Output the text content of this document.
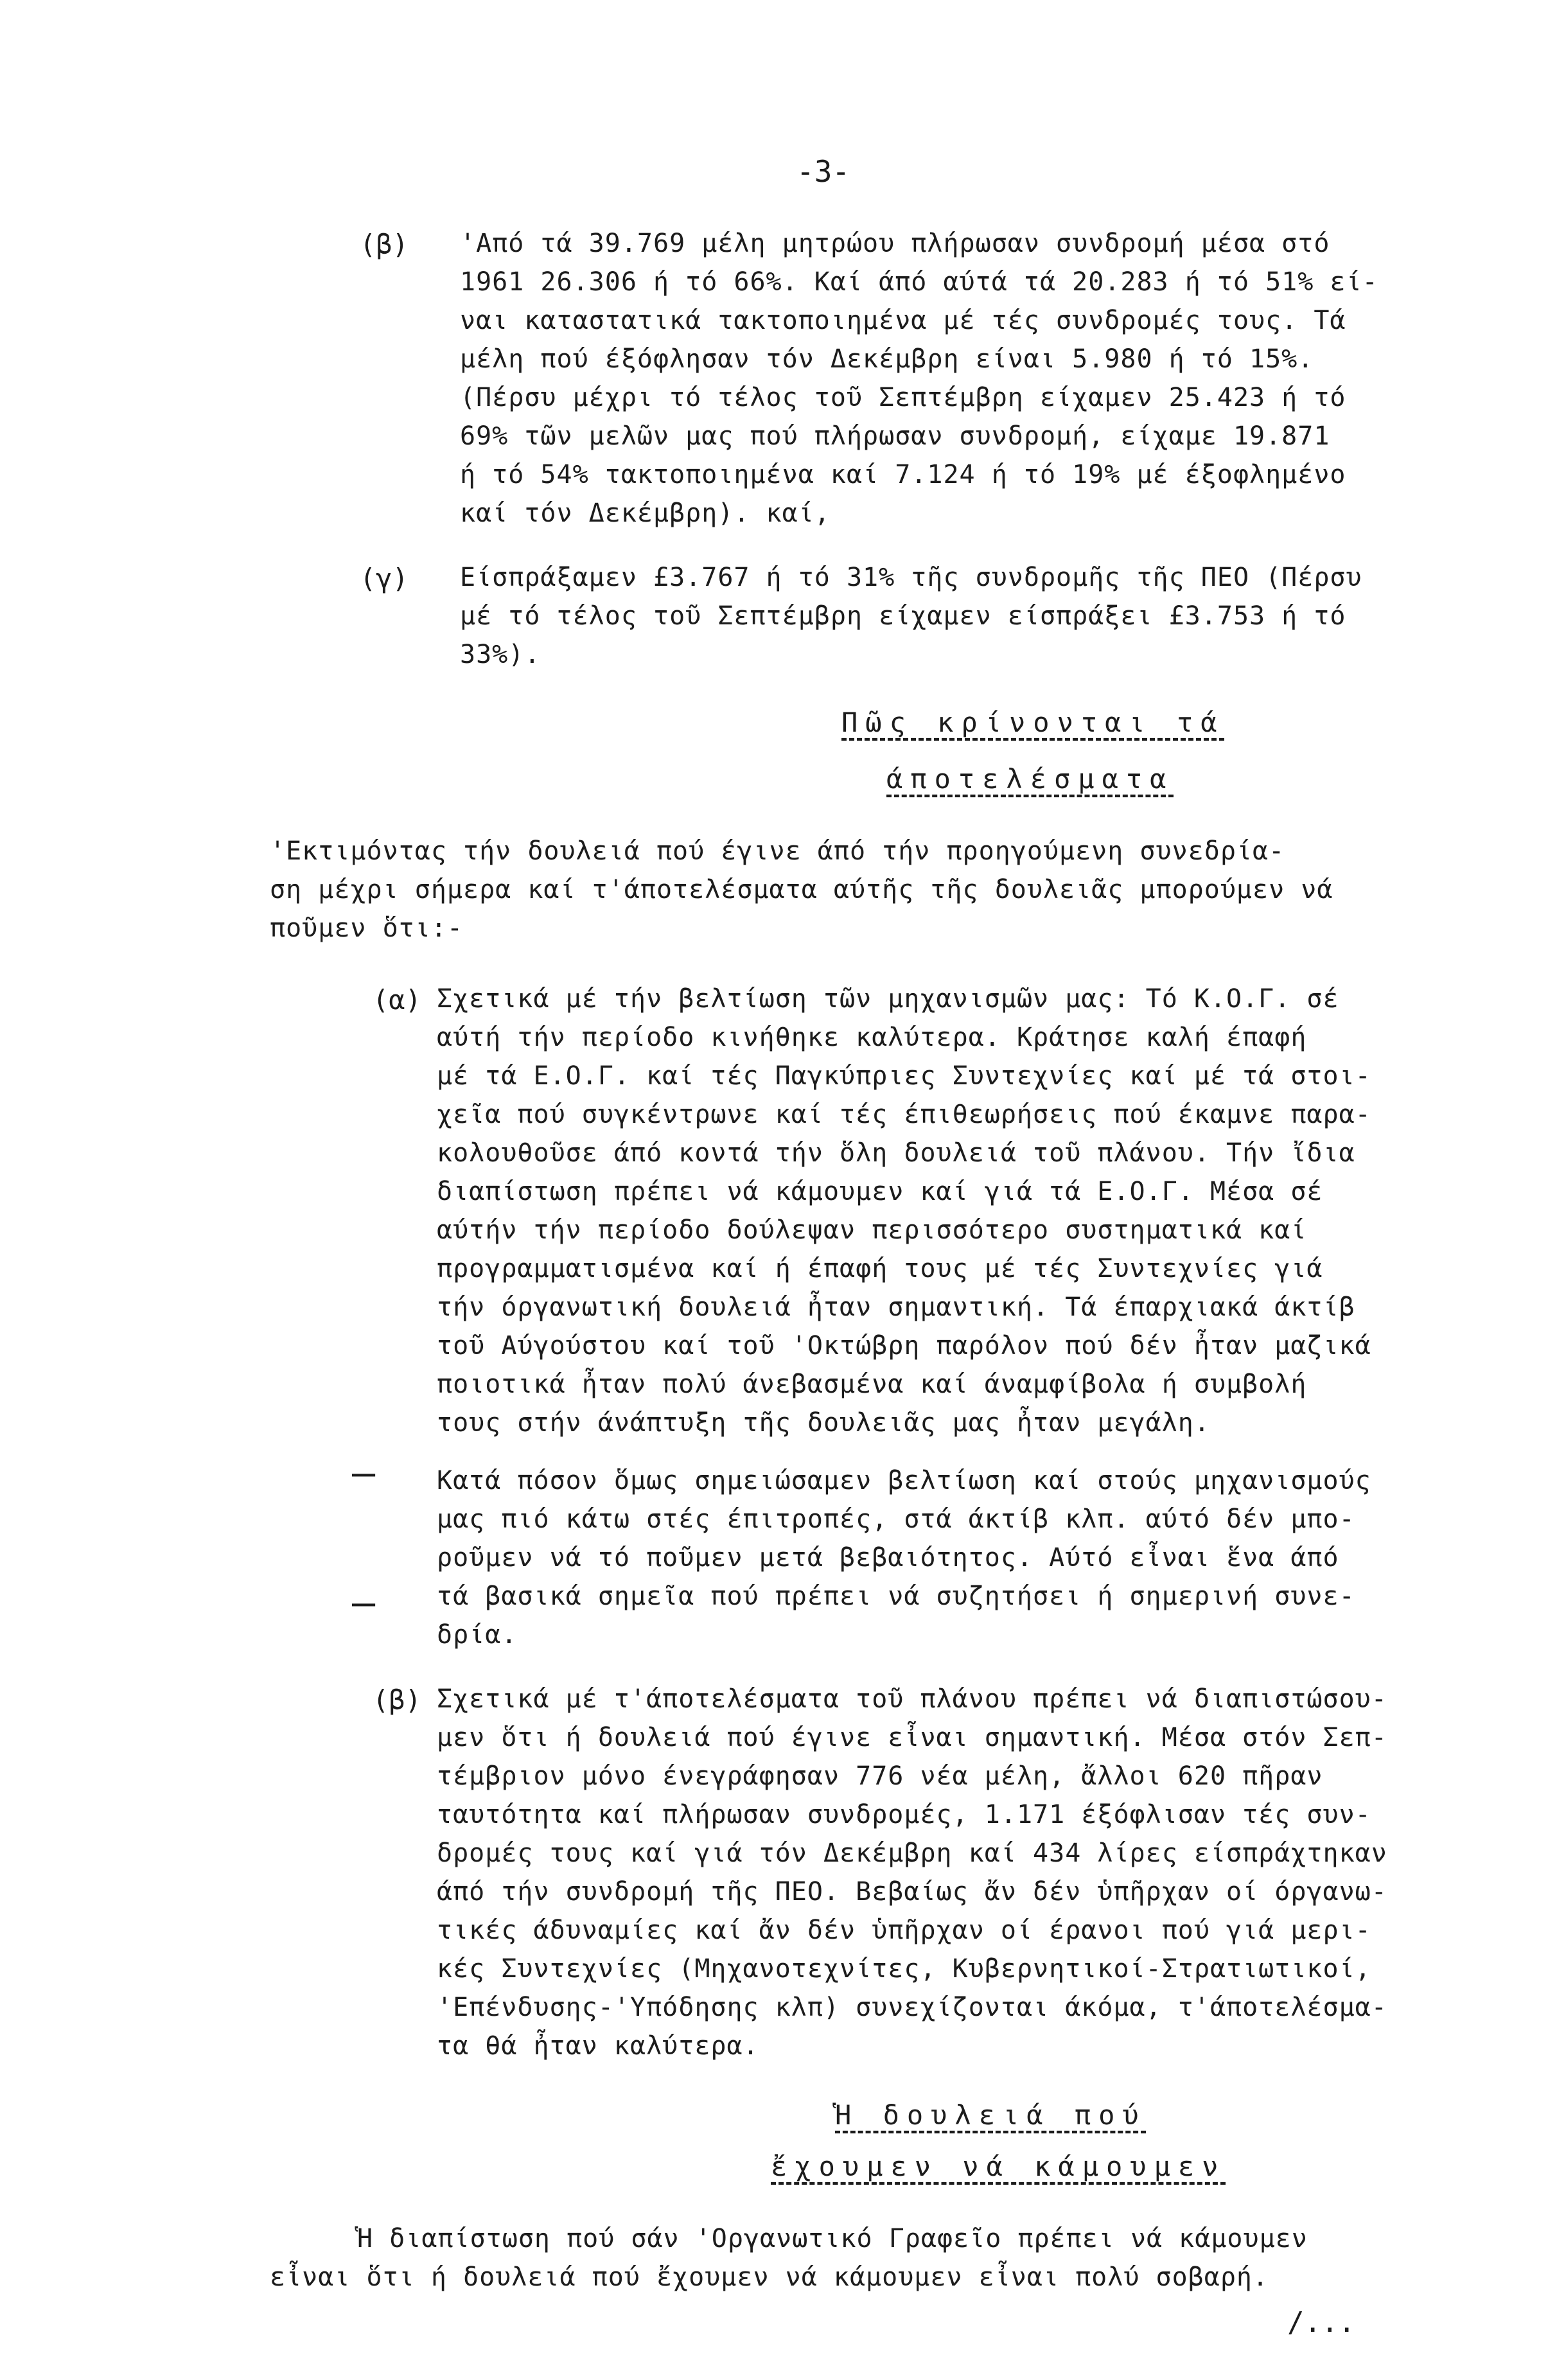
-3-
(β) 'Από τά 39.769 μέλη μητρώου πλήρωσαν συνδρομή μέσα στό
1961 26.306 ή τό 66%. Καί άπό αύτά τά 20.283 ή τό 51% εί-
ναι καταστατικά τακτοποιημένα μέ τές συνδρομές τους. Τά
μέλη πού έξόφλησαν τόν Δεκέμβρη είναι 5.980 ή τό 15%.
(Πέρσυ μέχρι τό τέλος τοῦ Σεπτέμβρη είχαμεν 25.423 ή τό
69% τῶν μελῶν μας πού πλήρωσαν συνδρομή, είχαμε 19.871
ή τό 54% τακτοποιημένα καί 7.124 ή τό 19% μέ έξοφλημένο
καί τόν Δεκέμβρη). καί,
(γ) Είσπράξαμεν £3.767 ή τό 31% τῆς συνδρομῆς τῆς ΠΕΟ (Πέρσυ
μέ τό τέλος τοῦ Σεπτέμβρη είχαμεν είσπράξει £3.753 ή τό
33%).
Πῶς κρίνονται τά
άποτελέσματα
'Εκτιμόντας τήν δουλειά πού έγινε άπό τήν προηγούμενη συνεδρία-
ση μέχρι σήμερα καί τ'άποτελέσματα αύτῆς τῆς δουλειᾶς μπορούμεν νά
ποῦμεν ὅτι:-
(α) Σχετικά μέ τήν βελτίωση τῶν μηχανισμῶν μας: Τό Κ.Ο.Γ. σέ
αύτή τήν περίοδο κινήθηκε καλύτερα. Κράτησε καλή έπαφή
μέ τά Ε.Ο.Γ. καί τές Παγκύπριες Συντεχνίες καί μέ τά στοι-
χεῖα πού συγκέντρωνε καί τές έπιθεωρήσεις πού έκαμνε παρα-
κολουθοῦσε άπό κοντά τήν ὅλη δουλειά τοῦ πλάνου. Τήν ἴδια
διαπίστωση πρέπει νά κάμουμεν καί γιά τά Ε.Ο.Γ. Μέσα σέ
αύτήν τήν περίοδο δούλεψαν περισσότερο συστηματικά καί
προγραμματισμένα καί ή έπαφή τους μέ τές Συντεχνίες γιά
τήν όργανωτική δουλειά ἦταν σημαντική. Τά έπαρχιακά άκτίβ
τοῦ Αύγούστου καί τοῦ 'Οκτώβρη παρόλον πού δέν ἦταν μαζικά
ποιοτικά ἦταν πολύ άνεβασμένα καί άναμφίβολα ή συμβολή
τους στήν άνάπτυξη τῆς δουλειᾶς μας ἦταν μεγάλη.
—
—
Κατά πόσον ὅμως σημειώσαμεν βελτίωση καί στούς μηχανισμούς
μας πιό κάτω στές έπιτροπές, στά άκτίβ κλπ. αύτό δέν μπο-
ροῦμεν νά τό ποῦμεν μετά βεβαιότητος. Αύτό εἶναι ἕνα άπό
τά βασικά σημεῖα πού πρέπει νά συζητήσει ή σημερινή συνε-
δρία.
(β) Σχετικά μέ τ'άποτελέσματα τοῦ πλάνου πρέπει νά διαπιστώσου-
μεν ὅτι ή δουλειά πού έγινε εἶναι σημαντική. Μέσα στόν Σεπ-
τέμβριον μόνο ένεγράφησαν 776 νέα μέλη, ἄλλοι 620 πῆραν
ταυτότητα καί πλήρωσαν συνδρομές, 1.171 έξόφλισαν τές συν-
δρομές τους καί γιά τόν Δεκέμβρη καί 434 λίρες είσπράχτηκαν
άπό τήν συνδρομή τῆς ΠΕΟ. Βεβαίως ἄν δέν ὑπῆρχαν οί όργανω-
τικές άδυναμίες καί ἄν δέν ὑπῆρχαν οί έρανοι πού γιά μερι-
κές Συντεχνίες (Μηχανοτεχνίτες, Κυβερνητικοί-Στρατιωτικοί,
'Επένδυσης-'Υπόδησης κλπ) συνεχίζονται άκόμα, τ'άποτελέσμα-
τα θά ἦταν καλύτερα.
Ἡ δουλειά πού
ἔχουμεν νά κάμουμεν
Ἡ διαπίστωση πού σάν 'Οργανωτικό Γραφεῖο πρέπει νά κάμουμεν
εἶναι ὅτι ή δουλειά πού ἔχουμεν νά κάμουμεν εἶναι πολύ σοβαρή.
/...
